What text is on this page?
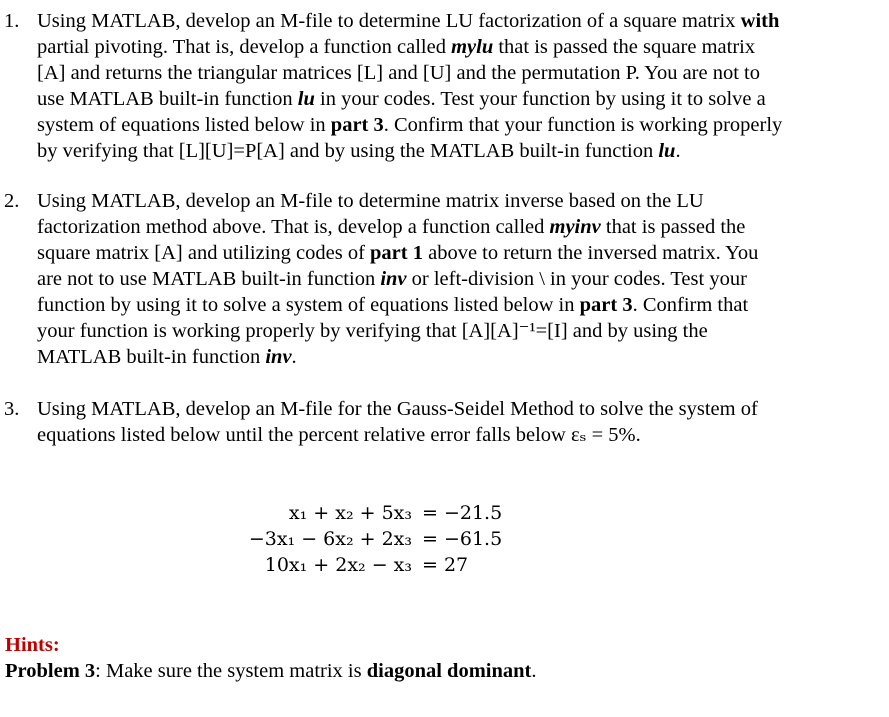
1. Using MATLAB, develop an M-file to determine LU factorization of a square matrix with
partial pivoting. That is, develop a function called mylu that is passed the square matrix
[A] and returns the triangular matrices [L] and [U] and the permutation P. You are not to
use MATLAB built-in function lu in your codes. Test your function by using it to solve a
system of equations listed below in part 3. Confirm that your function is working properly
by verifying that [L][U]=P[A] and by using the MATLAB built-in function lu.
2. Using MATLAB, develop an M-file to determine matrix inverse based on the LU
factorization method above. That is, develop a function called myinv that is passed the
square matrix [A] and utilizing codes of part 1 above to return the inversed matrix. You
are not to use MATLAB built-in function inv or left-division \ in your codes. Test your
function by using it to solve a system of equations listed below in part 3. Confirm that
your function is working properly by verifying that [A][A]⁻¹=[I] and by using the
MATLAB built-in function inv.
3. Using MATLAB, develop an M-file for the Gauss-Seidel Method to solve the system of
equations listed below until the percent relative error falls below εₛ = 5%.
x₁ + x₂ + 5x₃ = −21.5
−3x₁ − 6x₂ + 2x₃ = −61.5
10x₁ + 2x₂ − x₃ = 27
Hints:
Problem 3: Make sure the system matrix is diagonal dominant.
